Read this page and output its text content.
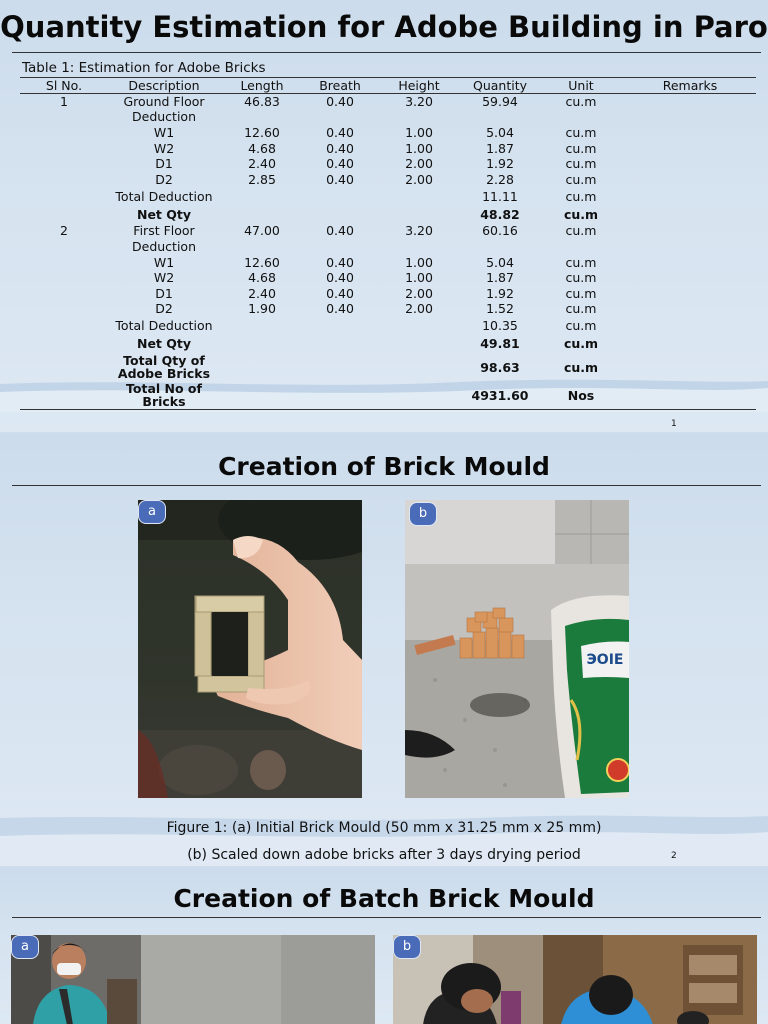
Quantity Estimation for Adobe Building in Paro
Table 1: Estimation for Adobe Bricks
Sl No.	Description	Length	Breath	Height	Quantity	Unit	Remarks
1	Ground Floor	46.83	0.40	3.20	59.94	cu.m	
	Deduction						
	W1	12.60	0.40	1.00	5.04	cu.m	
	W2	4.68	0.40	1.00	1.87	cu.m	
	D1	2.40	0.40	2.00	1.92	cu.m	
	D2	2.85	0.40	2.00	2.28	cu.m	
	Total Deduction				11.11	cu.m	
	Net Qty				48.82	cu.m	
2	First Floor	47.00	0.40	3.20	60.16	cu.m	
	Deduction						
	W1	12.60	0.40	1.00	5.04	cu.m	
	W2	4.68	0.40	1.00	1.87	cu.m	
	D1	2.40	0.40	2.00	1.92	cu.m	
	D2	1.90	0.40	2.00	1.52	cu.m	
	Total Deduction				10.35	cu.m	
	Net Qty				49.81	cu.m	
	Total Qty of Adobe Bricks				98.63	cu.m	
	Total No of Bricks				4931.60	Nos	
1
Creation of Brick Mould
a
ЭOIE
b
Figure 1: (a) Initial Brick Mould (50 mm x 31.25 mm x 25 mm)
(b) Scaled down adobe bricks after 3 days drying period	2
Creation of Batch Brick Mould
a	b
